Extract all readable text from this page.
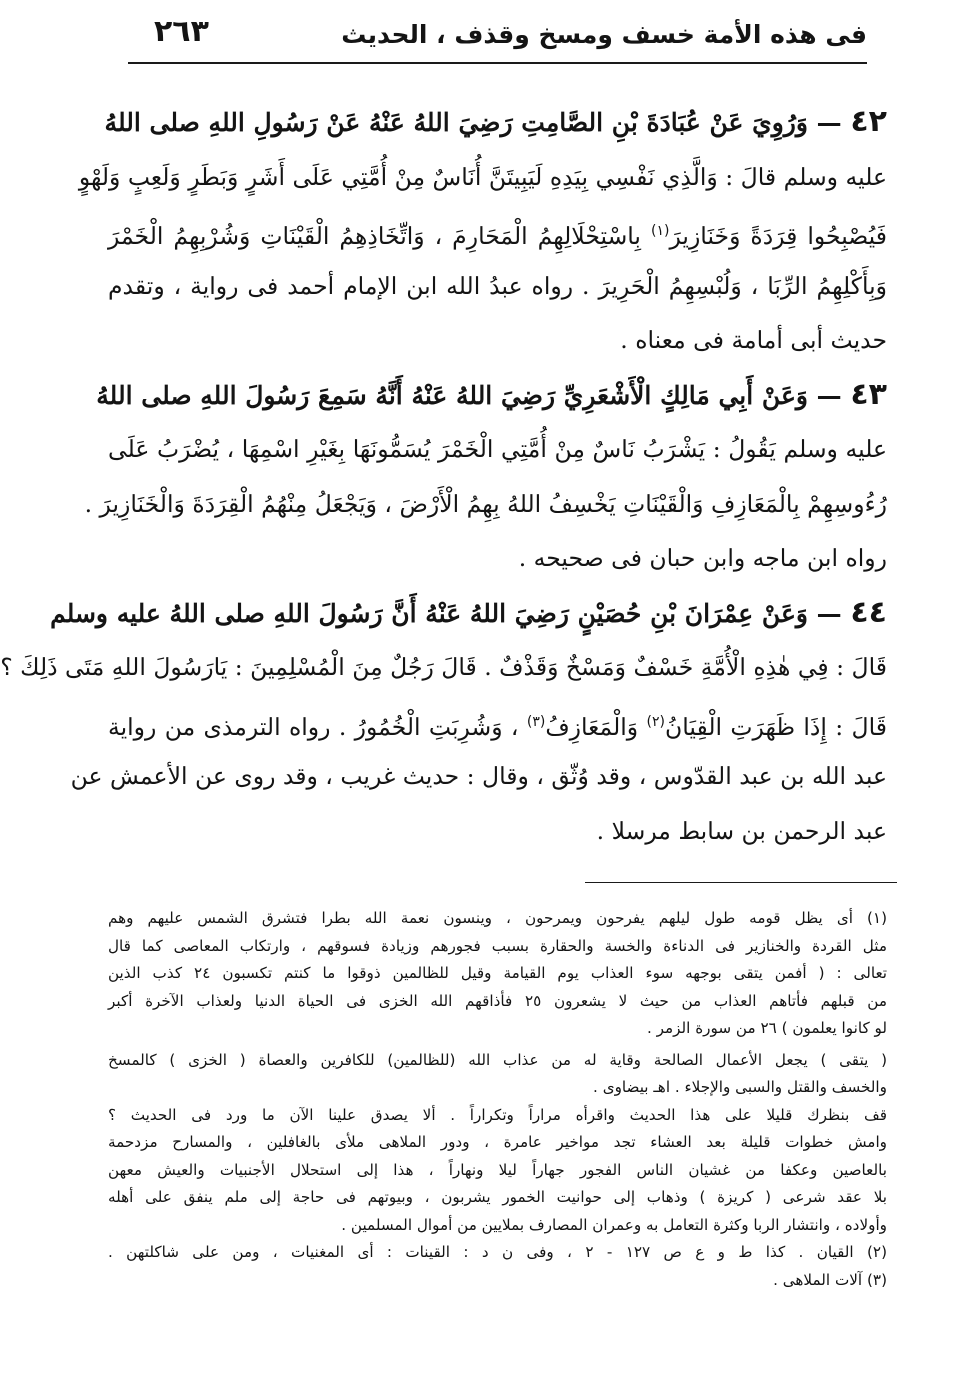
فى هذه الأمة خسف ومسخ وقذف ، الحديث
٢٦٣
٤٢ — وَرُوِيَ عَنْ عُبَادَةَ بْنِ الصَّامِتِ رَضِيَ اللهُ عَنْهُ عَنْ رَسُولِ اللهِ صلى اللهُ
عليه وسلم قالَ : وَالَّذِي نَفْسِي بِيَدِهِ لَيَبِيتَنَّ أُنَاسٌ مِنْ أُمَّتِي عَلَى أَشَرٍ وَبَطَرٍ وَلَعِبٍ وَلَهْوٍ
فَيُصْبِحُوا قِرَدَةً وَخَنَازِيرَ$^{(١)}$ بِاسْتِحْلَالِهِمُ الْمَحَارِمَ ، وَاتِّخَاذِهِمُ الْقَيْنَاتِ وَشُرْبِهِمُ الْخَمْرَ
وَبِأَكْلِهِمُ الرِّبَا ، وَلُبْسِهِمُ الْحَرِيرَ . رواه عبدُ الله ابن الإمام أحمد فى رواية ، وتقدم
حديث أبى أمامة فى معناه .
٤٣ — وَعَنْ أَبِي مَالِكٍ الْأَشْعَرِيِّ رَضِيَ اللهُ عَنْهُ أَنَّهُ سَمِعَ رَسُولَ اللهِ صلى اللهُ
عليه وسلم يَقُولُ : يَشْرَبُ نَاسٌ مِنْ أُمَّتِي الْخَمْرَ يُسَمُّونَهَا بِغَيْرِ اسْمِهَا ، يُضْرَبُ عَلَى
رُءُوسِهِمْ بِالْمَعَازِفِ وَالْقَيْنَاتِ يَخْسِفُ اللهُ بِهِمُ الْأَرْضَ ، وَيَجْعَلُ مِنْهُمُ الْقِرَدَةَ وَالْخَنَازِيرَ .
رواه ابن ماجه وابن حبان فى صحيحه .
٤٤ — وَعَنْ عِمْرَانَ بْنِ حُصَيْنٍ رَضِيَ اللهُ عَنْهُ أَنَّ رَسُولَ اللهِ صلى اللهُ عليه وسلم
قَالَ : فِي هٰذِهِ الْأُمَّةِ خَسْفٌ وَمَسْخٌ وَقَذْفٌ . قَالَ رَجُلٌ مِنَ الْمُسْلِمِينَ : يَارَسُولَ اللهِ مَتَى ذَلِكَ ؟
قَالَ : إِذَا ظَهَرَتِ الْقِيَانُ$^{(٢)}$ وَالْمَعَازِفُ$^{(٣)}$ ، وَشُرِبَتِ الْخُمُورُ . رواه الترمذى من رواية
عبد الله بن عبد القدّوس ، وقد وُثّق ، وقال : حديث غريب ، وقد روى عن الأعمش عن
عبد الرحمن بن سابط مرسلا .
(١) أى يظل قومه طول ليلهم يفرحون ويمرحون ، وينسون نعمة الله بطرا فتشرق الشمس عليهم وهم
مثل القردة والخنازير فى الدناءة والخسة والحقارة بسبب فجورهم وزيادة فسوقهم ، وارتكاب المعاصى كما قال
تعالى : ( أفمن يتقى بوجهه سوء العذاب يوم القيامة وقيل للظالمين ذوقوا ما كنتم تكسبون ٢٤ كذب الذين
من قبلهم فأتاهم العذاب من حيث لا يشعرون ٢٥ فأذاقهم الله الخزى فى الحياة الدنيا ولعذاب الآخرة أكبر
لو كانوا يعلمون ) ٢٦ من سورة الزمر .
( يتقى ) يجعل الأعمال الصالحة وقاية له من عذاب الله (للظالمين) للكافرين والعصاة ( الخزى ) كالمسخ
والخسف والقتل والسبى والإجلاء . اهـ بيضاوى .
قف بنظرك قليلا على هذا الحديث واقرأه مراراً وتكراراً . ألا يصدق علينا الآن ما ورد فى الحديث ؟
وامش خطوات قليلة بعد العشاء تجد مواخير عامرة ، ودور الملاهى ملأى بالغافلين ، والمسارح مزدحمة
بالعاصين وعكفا من غشيان الناس الفجور جهاراً ليلا ونهاراً ، هذا إلى استحلال الأجنبيات والعيش معهن
بلا عقد شرعى ( كريزة ) وذهاب إلى حوانيت الخمور يشربون ، وبيوتهم فى حاجة إلى ملم ينفق على أهله
وأولاده ، وانتشار الربا وكثرة التعامل به وعمران المصارف بملايين من أموال المسلمين .
(٢) القيان . كذا ط و ع ص ١٢٧ - ٢ ، وفى ن د : القينات : أى المغنيات ، ومن على شاكلتهن .
(٣) آلات الملاهى .
